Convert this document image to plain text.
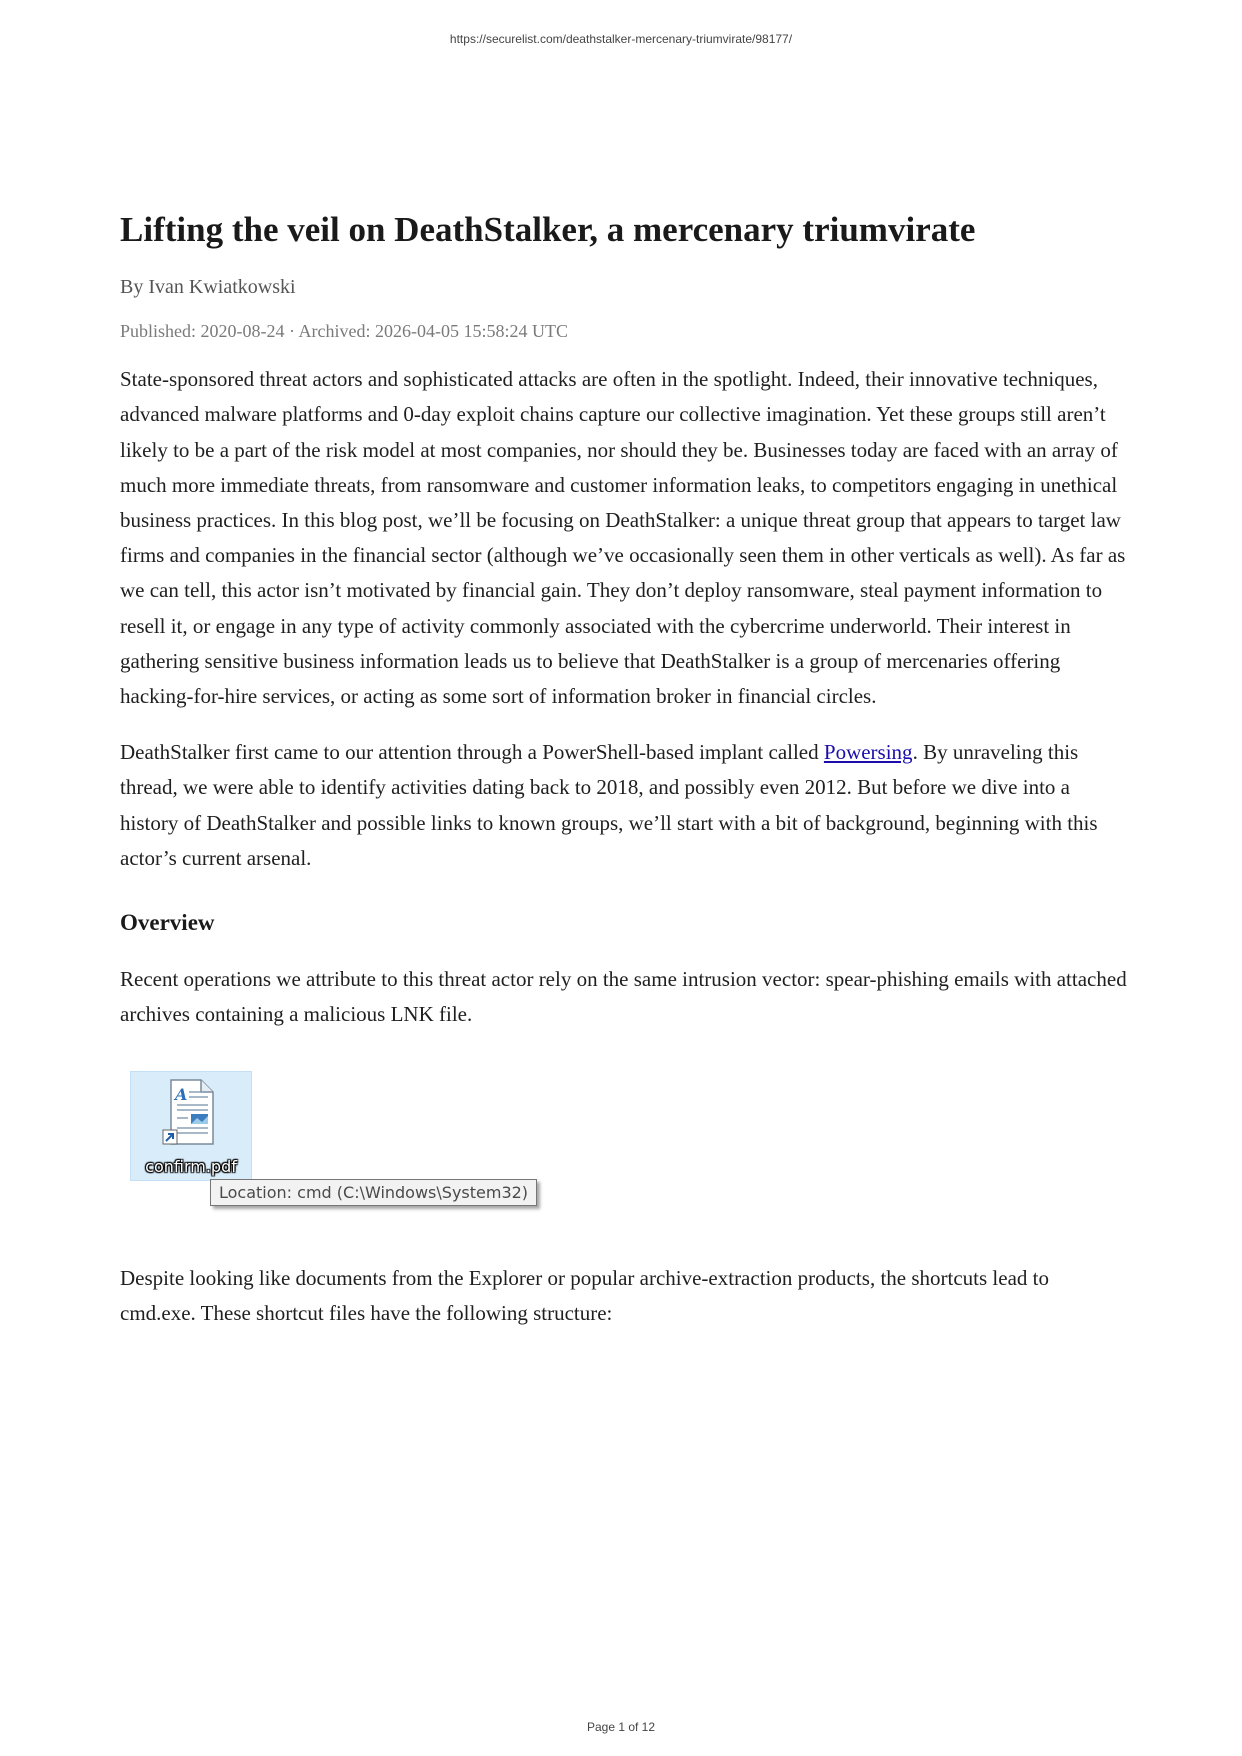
https://securelist.com/deathstalker-mercenary-triumvirate/98177/
Lifting the veil on DeathStalker, a mercenary triumvirate
By Ivan Kwiatkowski
Published: 2020-08-24 · Archived: 2026-04-05 15:58:24 UTC

State-sponsored threat actors and sophisticated attacks are often in the spotlight. Indeed, their innovative techniques, advanced malware platforms and 0-day exploit chains capture our collective imagination. Yet these groups still aren’t likely to be a part of the risk model at most companies, nor should they be. Businesses today are faced with an array of much more immediate threats, from ransomware and customer information leaks, to competitors engaging in unethical business practices. In this blog post, we’ll be focusing on DeathStalker: a unique threat group that appears to target law firms and companies in the financial sector (although we’ve occasionally seen them in other verticals as well). As far as we can tell, this actor isn’t motivated by financial gain. They don’t deploy ransomware, steal payment information to resell it, or engage in any type of activity commonly associated with the cybercrime underworld. Their interest in gathering sensitive business information leads us to believe that DeathStalker is a group of mercenaries offering hacking-for-hire services, or acting as some sort of information broker in financial circles.

DeathStalker first came to our attention through a PowerShell-based implant called Powersing. By unraveling this thread, we were able to identify activities dating back to 2018, and possibly even 2012. But before we dive into a history of DeathStalker and possible links to known groups, we’ll start with a bit of background, beginning with this actor’s current arsenal.

Overview

Recent operations we attribute to this threat actor rely on the same intrusion vector: spear-phishing emails with attached archives containing a malicious LNK file.

A
confirm.pdf
Location: cmd (C:\Windows\System32)

Despite looking like documents from the Explorer or popular archive-extraction products, the shortcuts lead to cmd.exe. These shortcut files have the following structure:

Page 1 of 12
